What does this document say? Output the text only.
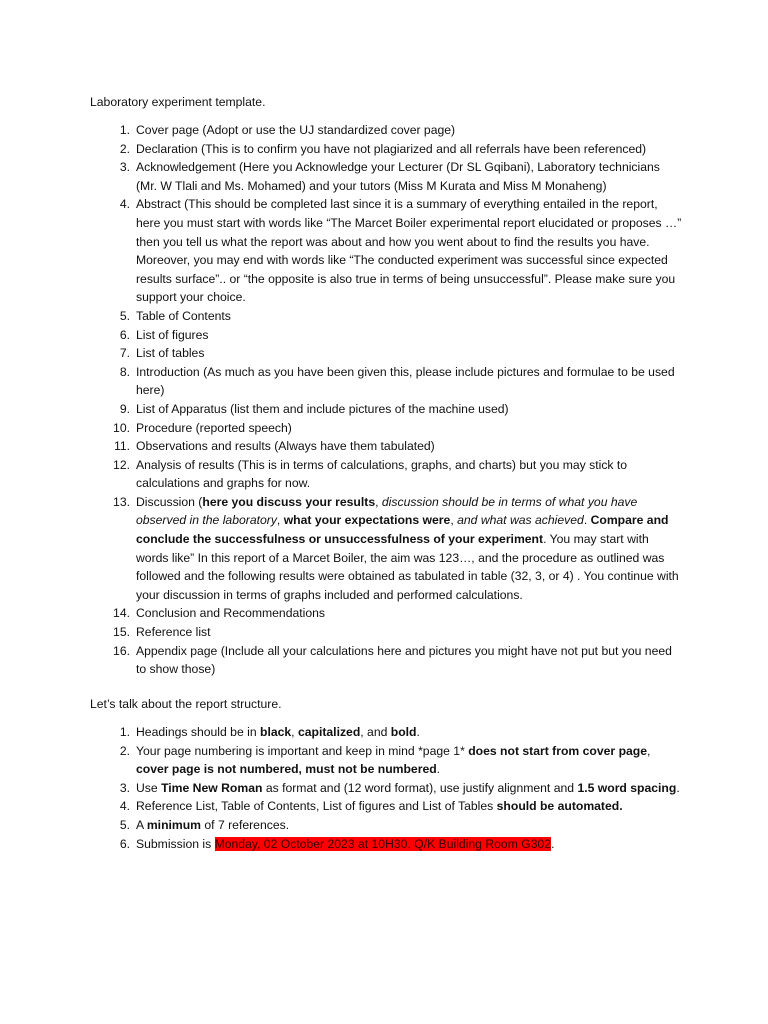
Laboratory experiment template.
1. Cover page (Adopt or use the UJ standardized cover page)
2. Declaration (This is to confirm you have not plagiarized and all referrals have been referenced)
3. Acknowledgement (Here you Acknowledge your Lecturer (Dr SL Gqibani), Laboratory technicians (Mr. W Tlali and Ms. Mohamed) and your tutors (Miss M Kurata and Miss M Monaheng)
4. Abstract (This should be completed last since it is a summary of everything entailed in the report, here you must start with words like “The Marcet Boiler experimental report elucidated or proposes …” then you tell us what the report was about and how you went about to find the results you have. Moreover, you may end with words like “The conducted experiment was successful since expected results surface”.. or “the opposite is also true in terms of being unsuccessful”. Please make sure you support your choice.
5. Table of Contents
6. List of figures
7. List of tables
8. Introduction (As much as you have been given this, please include pictures and formulae to be used here)
9. List of Apparatus (list them and include pictures of the machine used)
10. Procedure (reported speech)
11. Observations and results (Always have them tabulated)
12. Analysis of results (This is in terms of calculations, graphs, and charts) but you may stick to calculations and graphs for now.
13. Discussion (here you discuss your results, discussion should be in terms of what you have observed in the laboratory, what your expectations were, and what was achieved. Compare and conclude the successfulness or unsuccessfulness of your experiment. You may start with words like” In this report of a Marcet Boiler, the aim was 123…, and the procedure as outlined was followed and the following results were obtained as tabulated in table (32, 3, or 4) . You continue with your discussion in terms of graphs included and performed calculations.
14. Conclusion and Recommendations
15. Reference list
16. Appendix page (Include all your calculations here and pictures you might have not put but you need to show those)
Let’s talk about the report structure.
1. Headings should be in black, capitalized, and bold.
2. Your page numbering is important and keep in mind *page 1* does not start from cover page, cover page is not numbered, must not be numbered.
3. Use Time New Roman as format and (12 word format), use justify alignment and 1.5 word spacing.
4. Reference List, Table of Contents, List of figures and List of Tables should be automated.
5. A minimum of 7 references.
6. Submission is Monday, 02 October 2023 at 10H30. Q/K Building Room G302.
